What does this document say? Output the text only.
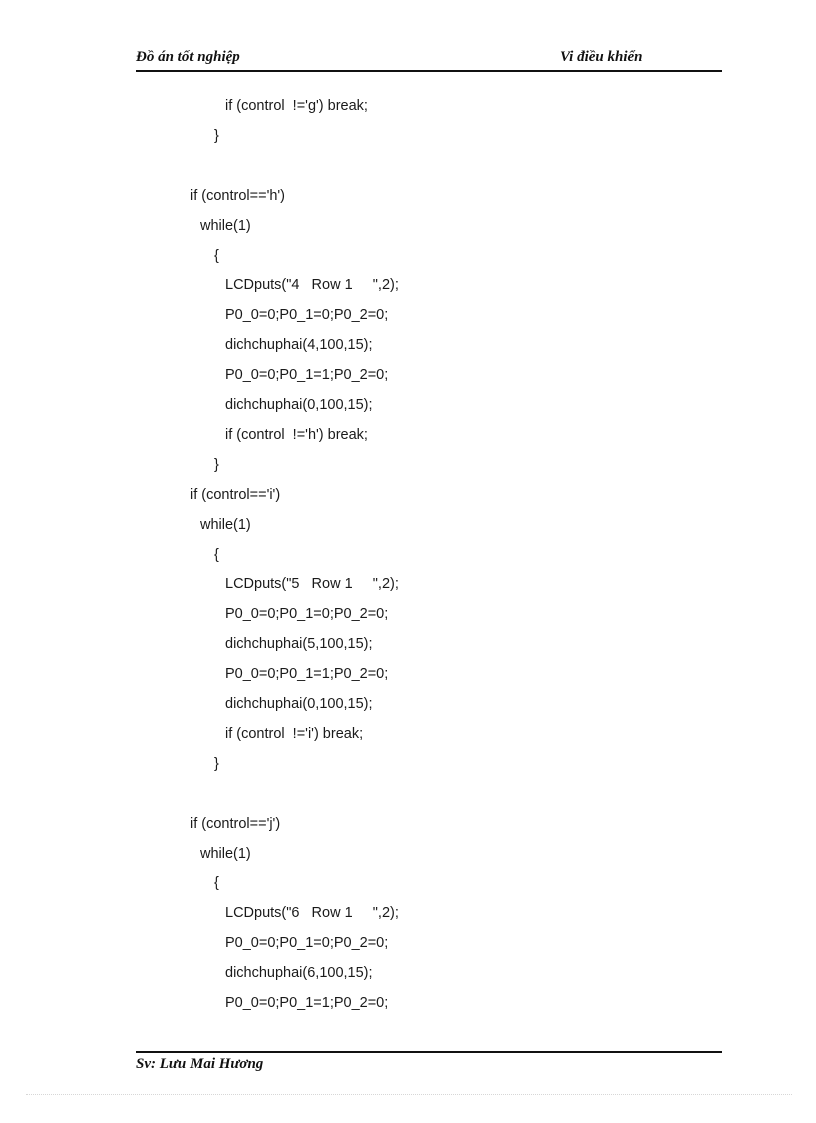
Đồ án tốt nghiệp	Vi điều khiển
if (control  !='g') break;
}
if (control=='h')
while(1)
{
LCDputs("4   Row 1     ",2);
P0_0=0;P0_1=0;P0_2=0;
dichchuphai(4,100,15);
P0_0=0;P0_1=1;P0_2=0;
dichchuphai(0,100,15);
if (control  !='h') break;
}
if (control=='i')
while(1)
{
LCDputs("5   Row 1     ",2);
P0_0=0;P0_1=0;P0_2=0;
dichchuphai(5,100,15);
P0_0=0;P0_1=1;P0_2=0;
dichchuphai(0,100,15);
if (control  !='i') break;
}
if (control=='j')
while(1)
{
LCDputs("6   Row 1     ",2);
P0_0=0;P0_1=0;P0_2=0;
dichchuphai(6,100,15);
P0_0=0;P0_1=1;P0_2=0;
Sv: Lưu Mai Hương
